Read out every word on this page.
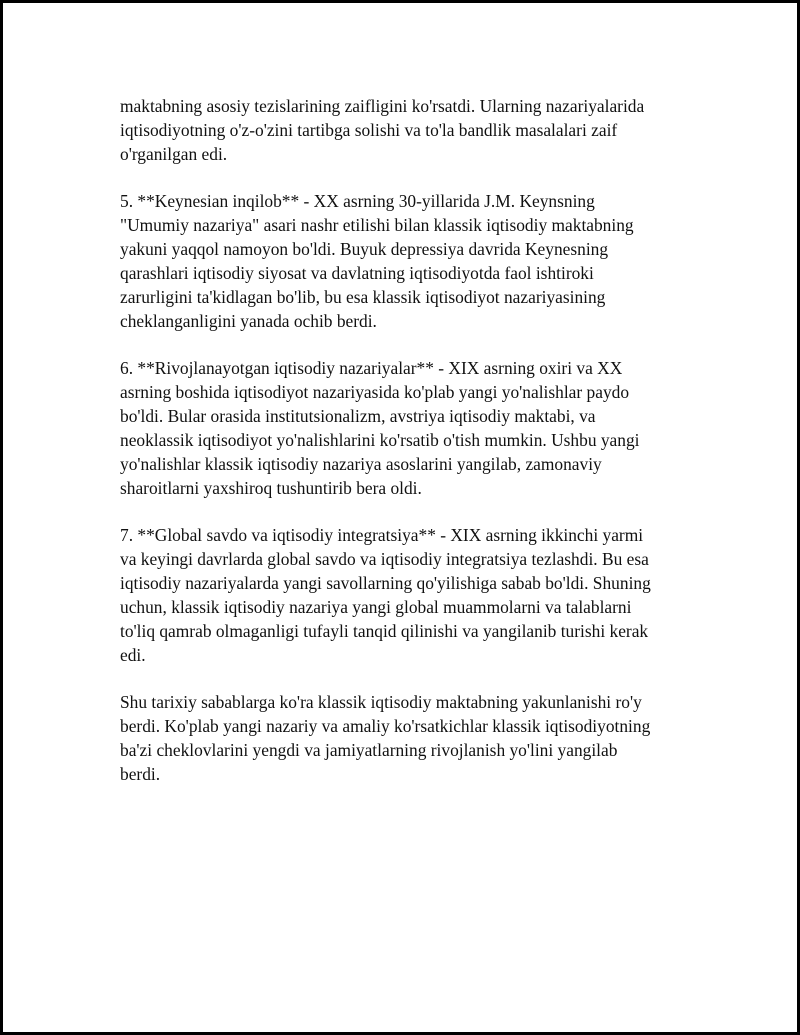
maktabning asosiy tezislarining zaifligini ko'rsatdi. Ularning nazariyalarida
iqtisodiyotning o'z-o'zini tartibga solishi va to'la bandlik masalalari zaif
o'rganilgan edi.

5. **Keynesian inqilob** - XX asrning 30-yillarida J.M. Keynsning
"Umumiy nazariya" asari nashr etilishi bilan klassik iqtisodiy maktabning
yakuni yaqqol namoyon bo'ldi. Buyuk depressiya davrida Keynesning
qarashlari iqtisodiy siyosat va davlatning iqtisodiyotda faol ishtiroki
zarurligini ta'kidlagan bo'lib, bu esa klassik iqtisodiyot nazariyasining
cheklanganligini yanada ochib berdi.

6. **Rivojlanayotgan iqtisodiy nazariyalar** - XIX asrning oxiri va XX
asrning boshida iqtisodiyot nazariyasida ko'plab yangi yo'nalishlar paydo
bo'ldi. Bular orasida institutsionalizm, avstriya iqtisodiy maktabi, va
neoklassik iqtisodiyot yo'nalishlarini ko'rsatib o'tish mumkin. Ushbu yangi
yo'nalishlar klassik iqtisodiy nazariya asoslarini yangilab, zamonaviy
sharoitlarni yaxshiroq tushuntirib bera oldi.

7. **Global savdo va iqtisodiy integratsiya** - XIX asrning ikkinchi yarmi
va keyingi davrlarda global savdo va iqtisodiy integratsiya tezlashdi. Bu esa
iqtisodiy nazariyalarda yangi savollarning qo'yilishiga sabab bo'ldi. Shuning
uchun, klassik iqtisodiy nazariya yangi global muammolarni va talablarni
to'liq qamrab olmaganligi tufayli tanqid qilinishi va yangilanib turishi kerak
edi.

Shu tarixiy sabablarga ko'ra klassik iqtisodiy maktabning yakunlanishi ro'y
berdi. Ko'plab yangi nazariy va amaliy ko'rsatkichlar klassik iqtisodiyotning
ba'zi cheklovlarini yengdi va jamiyatlarning rivojlanish yo'lini yangilab
berdi.
